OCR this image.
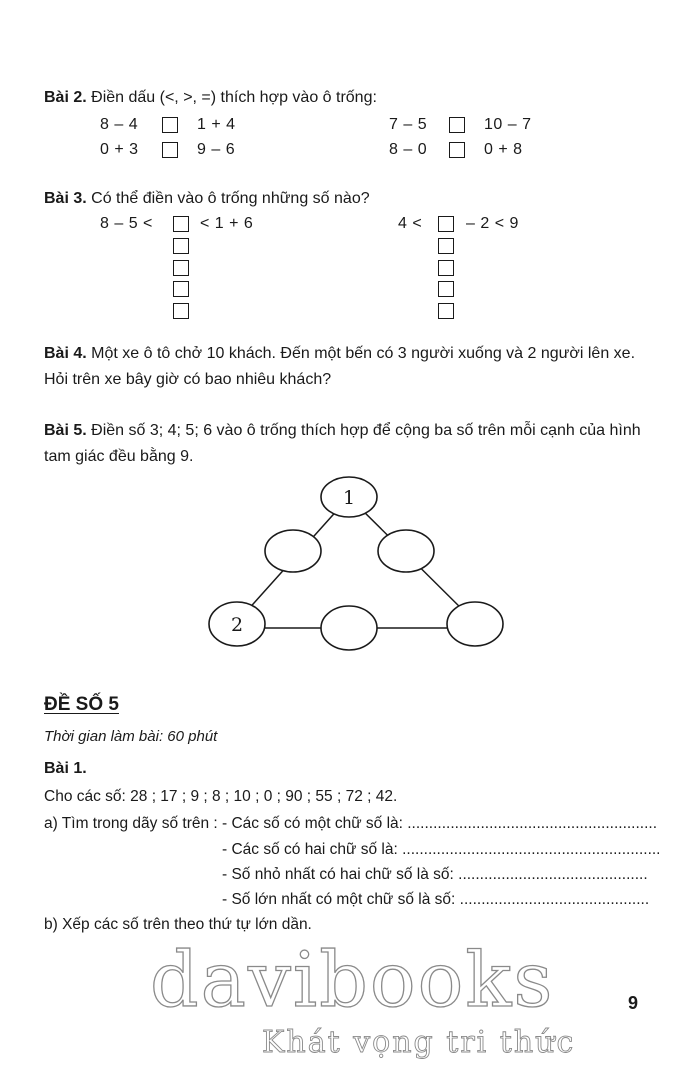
Bài 2. Điền dấu (<, >, =) thích hợp vào ô trống:
8 – 4	1 + 4
0 + 3	9 – 6
7 – 5	10 – 7
8 – 0	0 + 8
Bài 3. Có thể điền vào ô trống những số nào?
8 – 5 <	< 1 + 6	4 <	– 2 < 9
Bài 4. Một xe ô tô chở 10 khách. Đến một bến có 3 người xuống và 2 người lên xe. Hỏi trên xe bây giờ có bao nhiêu khách?
Bài 5. Điền số 3; 4; 5; 6 vào ô trống thích hợp để cộng ba số trên mỗi cạnh của hình tam giác đều bằng 9.
1
2
ĐỀ SỐ 5
Thời gian làm bài: 60 phút
Bài 1.
Cho các số: 28 ; 17 ; 9 ; 8 ; 10 ; 0 ; 90 ; 55 ; 72 ; 42.
a) Tìm trong dãy số trên : - Các số có một chữ số là: ..........................................................
- Các số có hai chữ số là: ............................................................
- Số nhỏ nhất có hai chữ số là số: ............................................
- Số lớn nhất có một chữ số là số: ............................................
b) Xếp các số trên theo thứ tự lớn dần.
davibooks
Khát vọng tri thức
9
